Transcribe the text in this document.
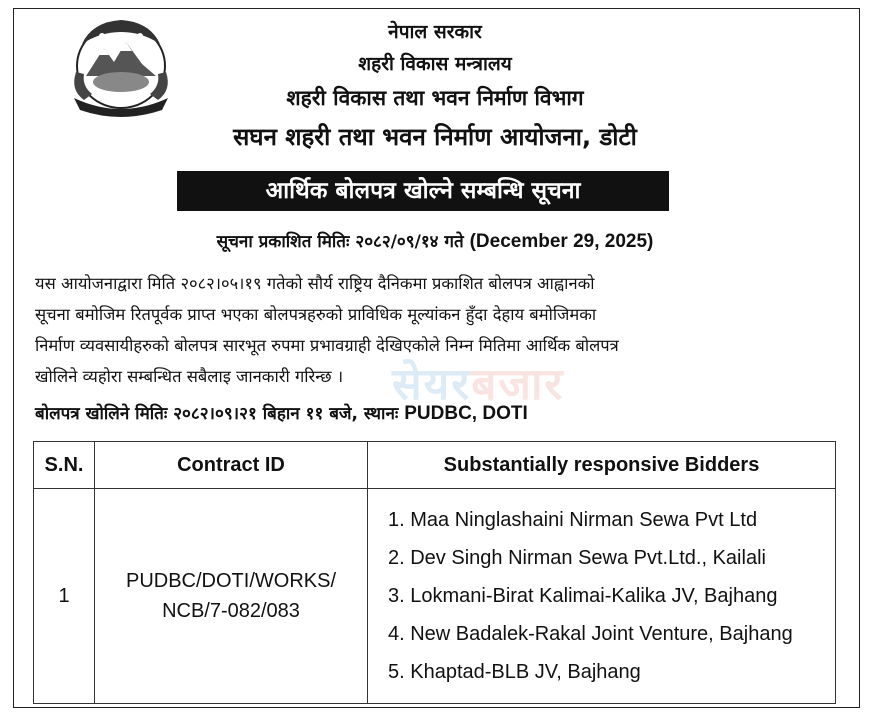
नेपाल सरकार
शहरी विकास मन्त्रालय
शहरी विकास तथा भवन निर्माण विभाग
सघन शहरी तथा भवन निर्माण आयोजना, डोटी
आर्थिक बोलपत्र खोल्ने सम्बन्धि सूचना
सूचना प्रकाशित मितिः २०८२/०९/१४ गते (December 29, 2025)
यस आयोजनाद्वारा मिति २०८२।०५।१९ गतेको सौर्य राष्ट्रिय दैनिकमा प्रकाशित बोलपत्र आह्वानको
सूचना बमोजिम रितपूर्वक प्राप्त भएका बोलपत्रहरुको प्राविधिक मूल्यांकन हुँदा देहाय बमोजिमका
निर्माण व्यवसायीहरुको बोलपत्र सारभूत रुपमा प्रभावग्राही देखिएकोले निम्न मितिमा आर्थिक बोलपत्र
खोलिने व्यहोरा सम्बन्धित सबैलाइ जानकारी गरिन्छ ।	सेयरबजार
बोलपत्र खोलिने मितिः २०८२।०९।२१ बिहान ११ बजे, स्थानः PUDBC, DOTI
S.N.	Contract ID	Substantially responsive Bidders
1	PUDBC/DOTI/WORKS/
NCB/7-082/083	1. Maa Ninglashaini Nirman Sewa Pvt Ltd
2. Dev Singh Nirman Sewa Pvt.Ltd., Kailali
3. Lokmani-Birat Kalimai-Kalika JV, Bajhang
4. New Badalek-Rakal Joint Venture, Bajhang
5. Khaptad-BLB JV, Bajhang
